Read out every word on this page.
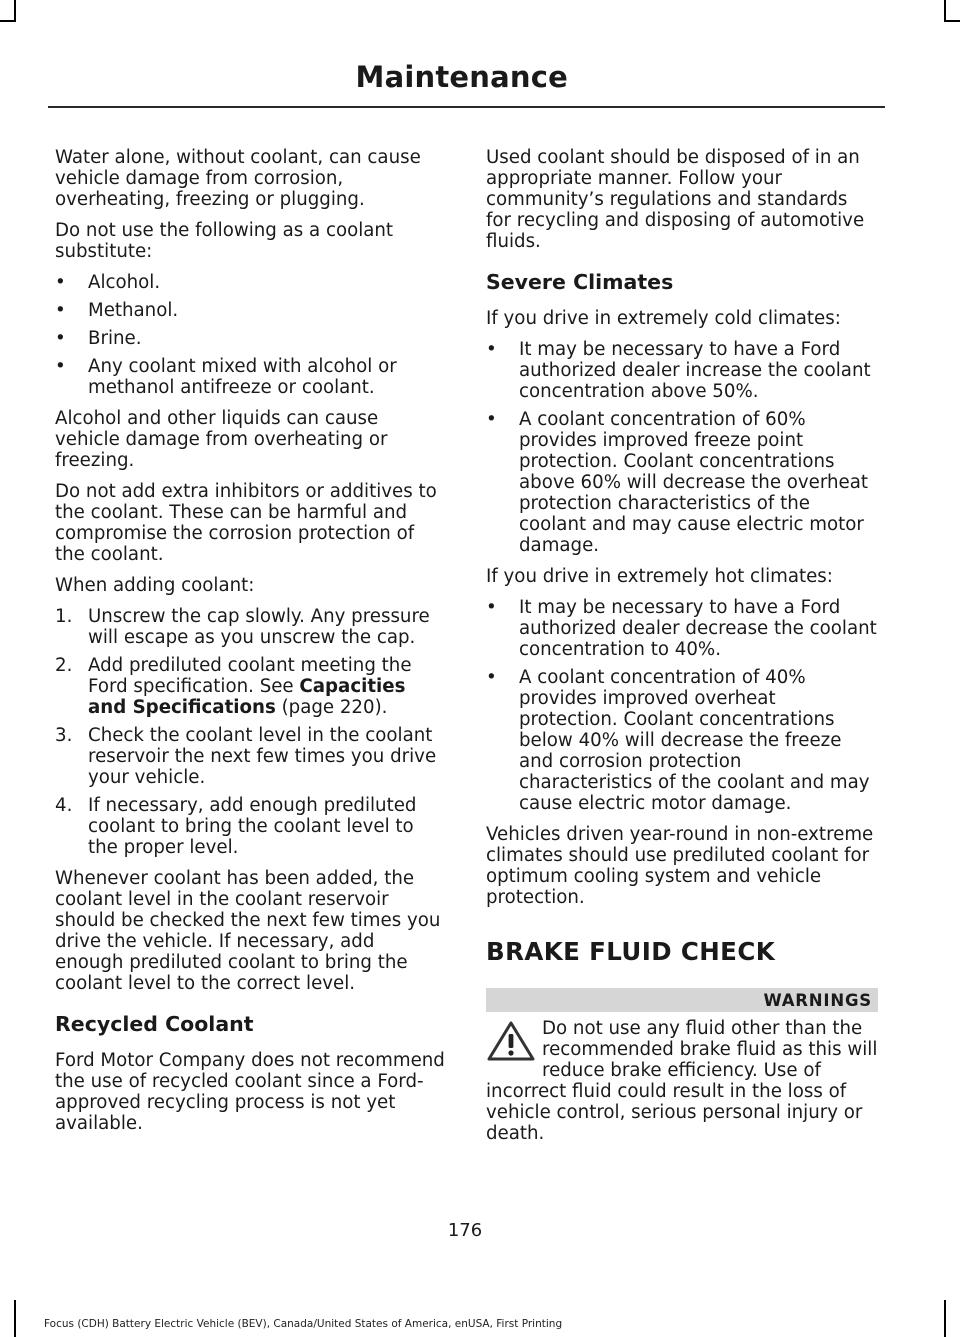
Maintenance

Water alone, without coolant, can cause vehicle damage from corrosion, overheating, freezing or plugging.

Do not use the following as a coolant substitute:

• Alcohol.
• Methanol.
• Brine.
• Any coolant mixed with alcohol or methanol antifreeze or coolant.

Alcohol and other liquids can cause vehicle damage from overheating or freezing.

Do not add extra inhibitors or additives to the coolant. These can be harmful and compromise the corrosion protection of the coolant.

When adding coolant:

1. Unscrew the cap slowly. Any pressure will escape as you unscrew the cap.
2. Add prediluted coolant meeting the Ford specification. See Capacities and Specifications (page 220).
3. Check the coolant level in the coolant reservoir the next few times you drive your vehicle.
4. If necessary, add enough prediluted coolant to bring the coolant level to the proper level.

Whenever coolant has been added, the coolant level in the coolant reservoir should be checked the next few times you drive the vehicle. If necessary, add enough prediluted coolant to bring the coolant level to the correct level.

Recycled Coolant

Ford Motor Company does not recommend the use of recycled coolant since a Ford-approved recycling process is not yet available.

Used coolant should be disposed of in an appropriate manner. Follow your community’s regulations and standards for recycling and disposing of automotive fluids.

Severe Climates

If you drive in extremely cold climates:

• It may be necessary to have a Ford authorized dealer increase the coolant concentration above 50%.
• A coolant concentration of 60% provides improved freeze point protection. Coolant concentrations above 60% will decrease the overheat protection characteristics of the coolant and may cause electric motor damage.

If you drive in extremely hot climates:

• It may be necessary to have a Ford authorized dealer decrease the coolant concentration to 40%.
• A coolant concentration of 40% provides improved overheat protection. Coolant concentrations below 40% will decrease the freeze and corrosion protection characteristics of the coolant and may cause electric motor damage.

Vehicles driven year-round in non-extreme climates should use prediluted coolant for optimum cooling system and vehicle protection.

BRAKE FLUID CHECK
WARNINGS
Do not use any fluid other than the recommended brake fluid as this will reduce brake efficiency. Use of incorrect fluid could result in the loss of vehicle control, serious personal injury or death.
176
Focus (CDH) Battery Electric Vehicle (BEV), Canada/United States of America, enUSA, First Printing
